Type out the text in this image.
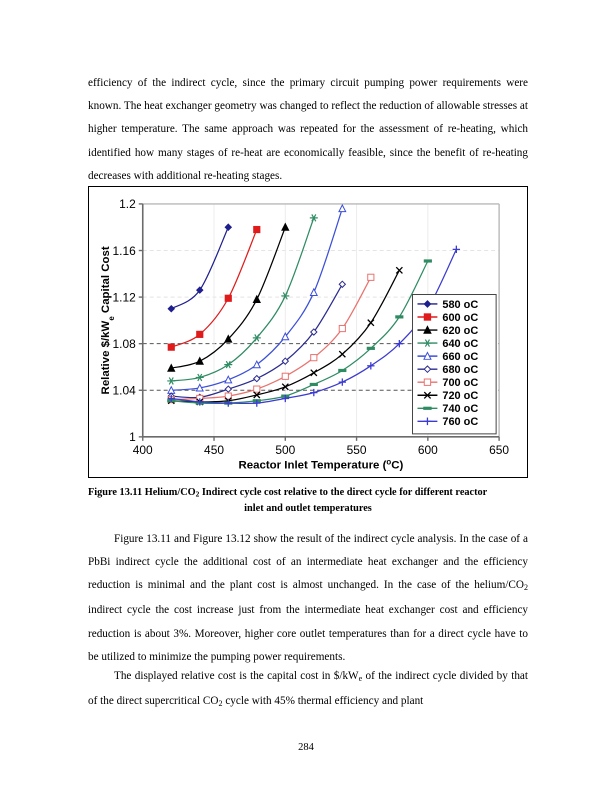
efficiency of the indirect cycle, since the primary circuit pumping power requirements were known. The heat exchanger geometry was changed to reflect the reduction of allowable stresses at higher temperature. The same approach was repeated for the assessment of re-heating, which identified how many stages of re-heat are economically feasible, since the benefit of re-heating decreases with additional re-heating stages.
1
1.04
1.08
1.12
1.16
1.2
400	450	500	550	600	650
Reactor Inlet Temperature ($^o$C)
Relative $\$/kW_e$ Capital Cost	580 oC
600 oC
620 oC
640 oC
660 oC
680 oC
700 oC
720 oC
740 oC
760 oC
Figure 13.11 Helium/$CO_2$ Indirect cycle cost relative to the direct cycle for different reactor
inlet and outlet temperatures
Figure 13.11 and Figure 13.12 show the result of the indirect cycle analysis. In the case of a PbBi indirect cycle the additional cost of an intermediate heat exchanger and the efficiency reduction is minimal and the plant cost is almost unchanged. In the case of the helium/$CO_2$ indirect cycle the cost increase just from the intermediate heat exchanger cost and efficiency reduction is about 3%. Moreover, higher core outlet temperatures than for a direct cycle have to be utilized to minimize the pumping power requirements.
The displayed relative cost is the capital cost in $\$/kW_e$ of the indirect cycle divided by that of the direct supercritical $CO_2$ cycle with 45% thermal efficiency and plant
284
